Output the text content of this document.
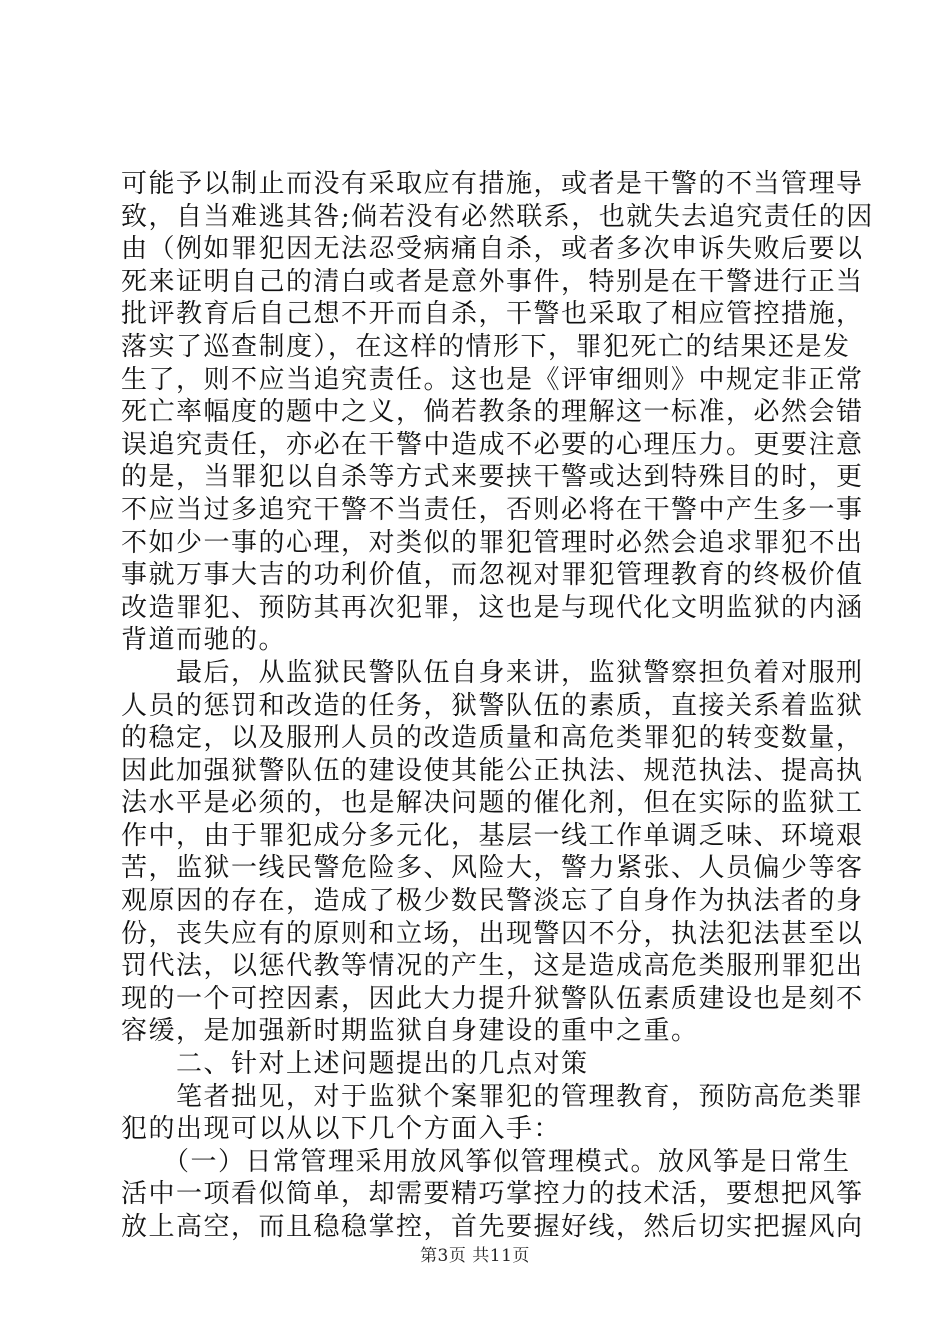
可能予以制止而没有采取应有措施，或者是干警的不当管理导
致，自当难逃其咎;倘若没有必然联系，也就失去追究责任的因
由（例如罪犯因无法忍受病痛自杀，或者多次申诉失败后要以
死来证明自己的清白或者是意外事件，特别是在干警进行正当
批评教育后自己想不开而自杀，干警也采取了相应管控措施，
落实了巡查制度），在这样的情形下，罪犯死亡的结果还是发
生了，则不应当追究责任。这也是《评审细则》中规定非正常
死亡率幅度的题中之义，倘若教条的理解这一标准，必然会错
误追究责任，亦必在干警中造成不必要的心理压力。更要注意
的是，当罪犯以自杀等方式来要挟干警或达到特殊目的时，更
不应当过多追究干警不当责任，否则必将在干警中产生多一事
不如少一事的心理，对类似的罪犯管理时必然会追求罪犯不出
事就万事大吉的功利价值，而忽视对罪犯管理教育的终极价值
改造罪犯、预防其再次犯罪，这也是与现代化文明监狱的内涵
背道而驰的。
　　最后，从监狱民警队伍自身来讲，监狱警察担负着对服刑
人员的惩罚和改造的任务，狱警队伍的素质，直接关系着监狱
的稳定，以及服刑人员的改造质量和高危类罪犯的转变数量，
因此加强狱警队伍的建设使其能公正执法、规范执法、提高执
法水平是必须的，也是解决问题的催化剂，但在实际的监狱工
作中，由于罪犯成分多元化，基层一线工作单调乏味、环境艰
苦，监狱一线民警危险多、风险大，警力紧张、人员偏少等客
观原因的存在，造成了极少数民警淡忘了自身作为执法者的身
份，丧失应有的原则和立场，出现警囚不分，执法犯法甚至以
罚代法，以惩代教等情况的产生，这是造成高危类服刑罪犯出
现的一个可控因素，因此大力提升狱警队伍素质建设也是刻不
容缓，是加强新时期监狱自身建设的重中之重。
　　二、针对上述问题提出的几点对策
　　笔者拙见，对于监狱个案罪犯的管理教育，预防高危类罪
犯的出现可以从以下几个方面入手：
　　（一）日常管理采用放风筝似管理模式。放风筝是日常生
活中一项看似简单，却需要精巧掌控力的技术活，要想把风筝
放上高空，而且稳稳掌控，首先要握好线，然后切实把握风向
第3页 共11页
